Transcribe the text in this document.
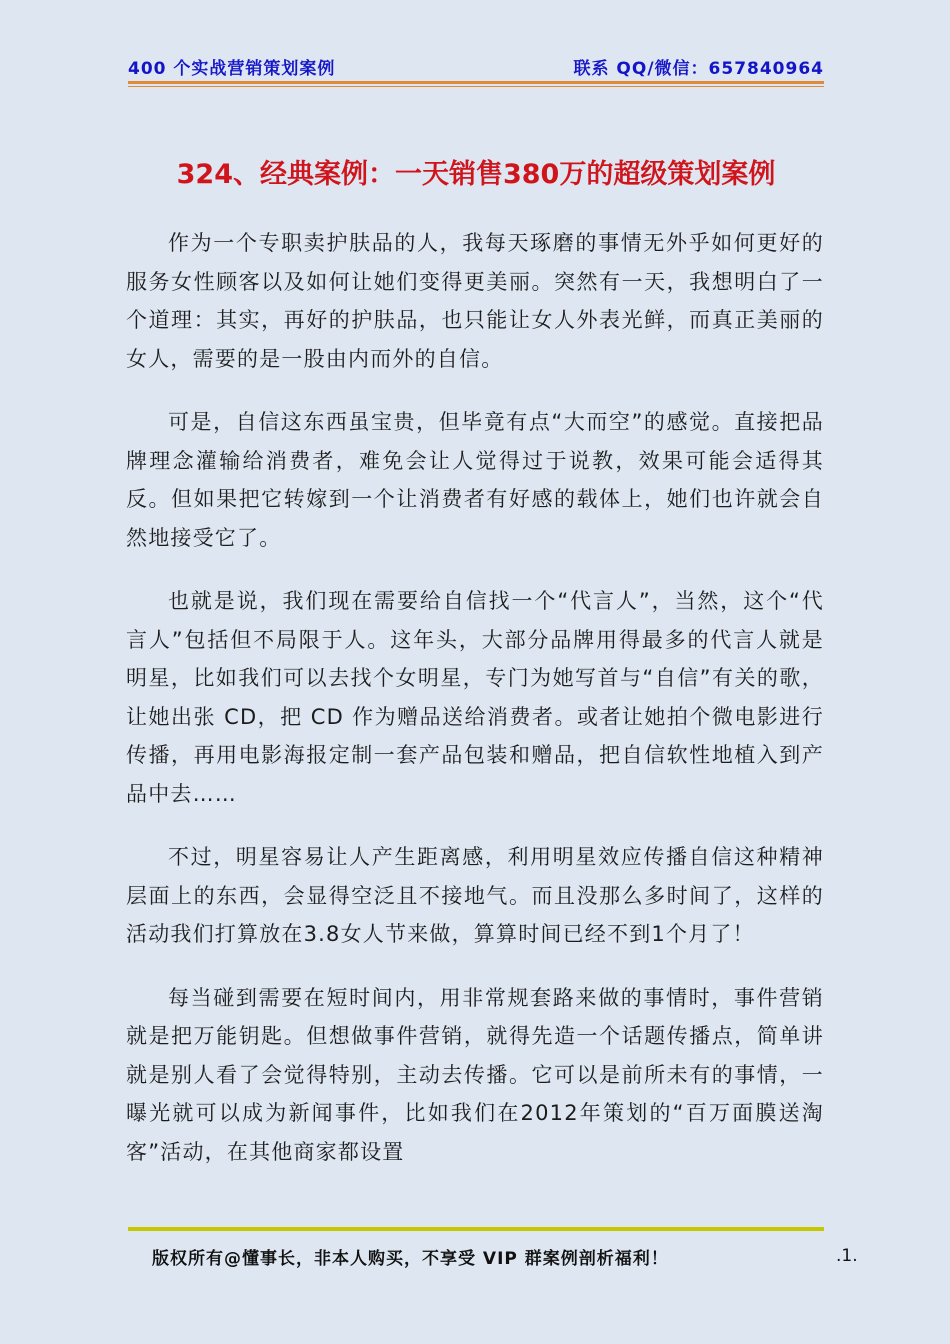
400 个实战营销策划案例	联系 QQ/微信：657840964
324、经典案例：一天销售380万的超级策划案例

作为一个专职卖护肤品的人，我每天琢磨的事情无外乎如何更好的服务女性顾客以及如何让她们变得更美丽。突然有一天，我想明白了一个道理：其实，再好的护肤品，也只能让女人外表光鲜，而真正美丽的女人，需要的是一股由内而外的自信。

可是，自信这东西虽宝贵，但毕竟有点“大而空”的感觉。直接把品牌理念灌输给消费者，难免会让人觉得过于说教，效果可能会适得其反。但如果把它转嫁到一个让消费者有好感的载体上，她们也许就会自然地接受它了。

也就是说，我们现在需要给自信找一个“代言人”，当然，这个“代言人”包括但不局限于人。这年头，大部分品牌用得最多的代言人就是明星，比如我们可以去找个女明星，专门为她写首与“自信”有关的歌，让她出张 CD，把 CD 作为赠品送给消费者。或者让她拍个微电影进行传播，再用电影海报定制一套产品包装和赠品，把自信软性地植入到产品中去……

不过，明星容易让人产生距离感，利用明星效应传播自信这种精神层面上的东西，会显得空泛且不接地气。而且没那么多时间了，这样的活动我们打算放在3.8女人节来做，算算时间已经不到1个月了！

每当碰到需要在短时间内，用非常规套路来做的事情时，事件营销就是把万能钥匙。但想做事件营销，就得先造一个话题传播点，简单讲就是别人看了会觉得特别，主动去传播。它可以是前所未有的事情，一曝光就可以成为新闻事件，比如我们在2012年策划的“百万面膜送淘客”活动，在其他商家都设置

版权所有@懂事长，非本人购买，不享受 VIP 群案例剖析福利！	.1.
